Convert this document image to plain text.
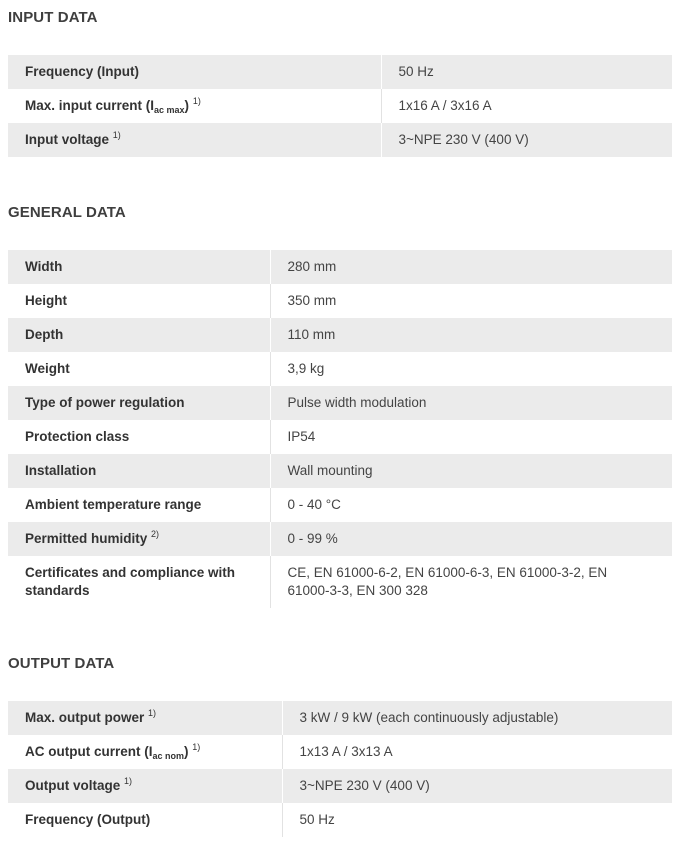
INPUT DATA
Frequency (Input)	50 Hz
Max. input current $(I_{ac max})$ $^{1)}$	1x16 A / 3x16 A
Input voltage $^{1)}$	3~NPE 230 V (400 V)
GENERAL DATA
Width	280 mm
Height	350 mm
Depth	110 mm
Weight	3,9 kg
Type of power regulation	Pulse width modulation
Protection class	IP54
Installation	Wall mounting
Ambient temperature range	0 - 40 °C
Permitted humidity $^{2)}$	0 - 99 %
Certificates and compliance with standards	CE, EN 61000-6-2, EN 61000-6-3, EN 61000-3-2, EN 61000-3-3, EN 300 328
OUTPUT DATA
Max. output power $^{1)}$	3 kW / 9 kW (each continuously adjustable)
AC output current $(I_{ac nom})$ $^{1)}$	1x13 A / 3x13 A
Output voltage $^{1)}$	3~NPE 230 V (400 V)
Frequency (Output)	50 Hz
